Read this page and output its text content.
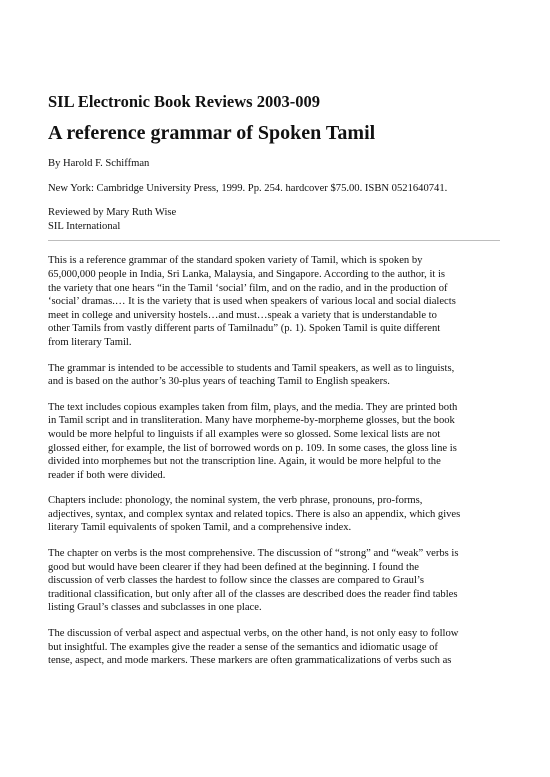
SIL Electronic Book Reviews 2003-009
A reference grammar of Spoken Tamil

By Harold F. Schiffman

New York: Cambridge University Press, 1999. Pp. 254. hardcover $75.00. ISBN 0521640741.

Reviewed by Mary Ruth Wise

SIL International

This is a reference grammar of the standard spoken variety of Tamil, which is spoken by
65,000,000 people in India, Sri Lanka, Malaysia, and Singapore. According to the author, it is
the variety that one hears “in the Tamil ‘social’ film, and on the radio, and in the production of
‘social’ dramas.… It is the variety that is used when speakers of various local and social dialects
meet in college and university hostels…and must…speak a variety that is understandable to
other Tamils from vastly different parts of Tamilnadu” (p. 1). Spoken Tamil is quite different
from literary Tamil.

The grammar is intended to be accessible to students and Tamil speakers, as well as to linguists,
and is based on the author’s 30-plus years of teaching Tamil to English speakers.

The text includes copious examples taken from film, plays, and the media. They are printed both
in Tamil script and in transliteration. Many have morpheme-by-morpheme glosses, but the book
would be more helpful to linguists if all examples were so glossed. Some lexical lists are not
glossed either, for example, the list of borrowed words on p. 109. In some cases, the gloss line is
divided into morphemes but not the transcription line. Again, it would be more helpful to the
reader if both were divided.

Chapters include: phonology, the nominal system, the verb phrase, pronouns, pro-forms,
adjectives, syntax, and complex syntax and related topics. There is also an appendix, which gives
literary Tamil equivalents of spoken Tamil, and a comprehensive index.

The chapter on verbs is the most comprehensive. The discussion of “strong” and “weak” verbs is
good but would have been clearer if they had been defined at the beginning. I found the
discussion of verb classes the hardest to follow since the classes are compared to Graul’s
traditional classification, but only after all of the classes are described does the reader find tables
listing Graul’s classes and subclasses in one place.

The discussion of verbal aspect and aspectual verbs, on the other hand, is not only easy to follow
but insightful. The examples give the reader a sense of the semantics and idiomatic usage of
tense, aspect, and mode markers. These markers are often grammaticalizations of verbs such as
